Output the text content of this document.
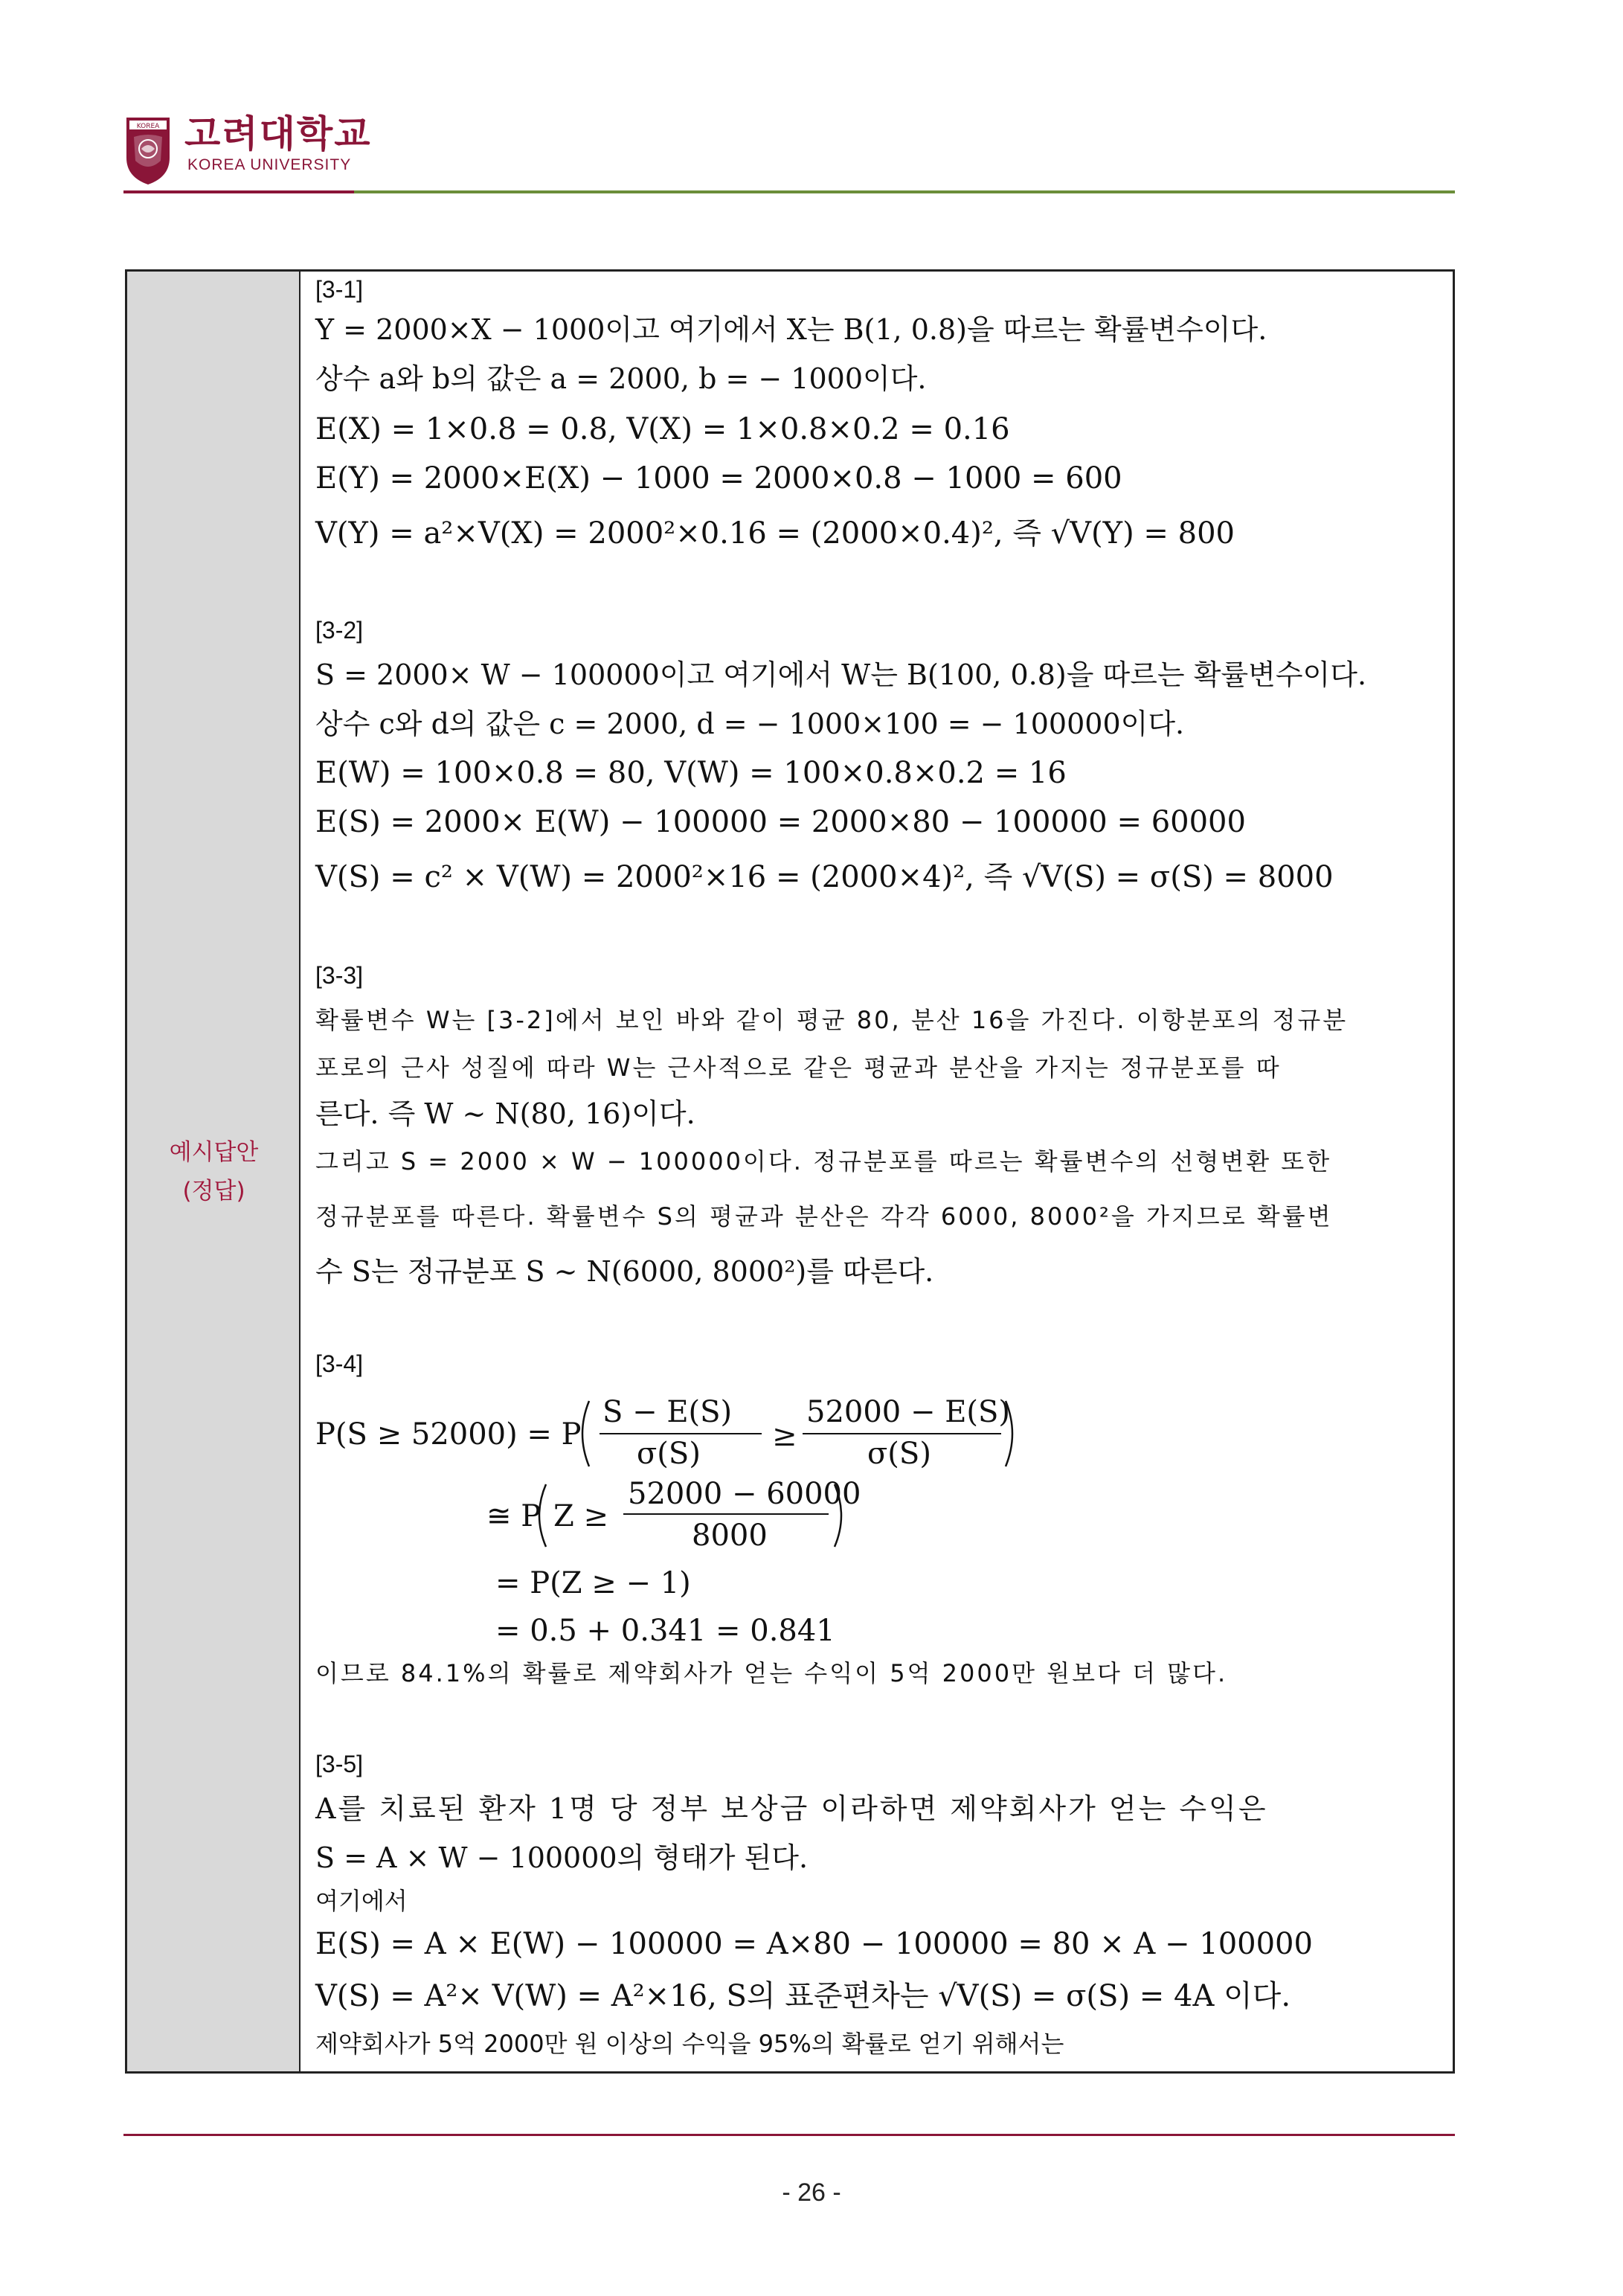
KOREA 고려대학교
KOREA UNIVERSITY
예시답안
(정답)
[3-1]
Y = 2000×X − 1000이고 여기에서 X는 B(1, 0.8)을 따르는 확률변수이다.
상수 a와 b의 값은 a = 2000, b = − 1000이다.
E(X) = 1×0.8 = 0.8, V(X) = 1×0.8×0.2 = 0.16
E(Y) = 2000×E(X) − 1000 = 2000×0.8 − 1000 = 600
V(Y) = a²×V(X) = 2000²×0.16 = (2000×0.4)², 즉 √V(Y) = 800
[3-2]
S = 2000× W − 100000이고 여기에서 W는 B(100, 0.8)을 따르는 확률변수이다.
상수 c와 d의 값은 c = 2000, d = − 1000×100 = − 100000이다.
E(W) = 100×0.8 = 80, V(W) = 100×0.8×0.2 = 16
E(S) = 2000× E(W) − 100000 = 2000×80 − 100000 = 60000
V(S) = c² × V(W) = 2000²×16 = (2000×4)², 즉 √V(S) = σ(S) = 8000
[3-3]
확률변수 W는 [3-2]에서 보인 바와 같이 평균 80, 분산 16을 가진다. 이항분포의 정규분
포로의 근사 성질에 따라 W는 근사적으로 같은 평균과 분산을 가지는 정규분포를 따
른다. 즉 W ~ N(80, 16)이다.
그리고 S = 2000 × W − 100000이다. 정규분포를 따르는 확률변수의 선형변환 또한
정규분포를 따른다. 확률변수 S의 평균과 분산은 각각 6000, 8000²을 가지므로 확률변
수 S는 정규분포 S ~ N(6000, 8000²)를 따른다.
[3-4]
P(S ≥ 52000) = P
S − E(S)
σ(S)
≥
52000 − E(S)
σ(S)
≅ P Z ≥
52000 − 60000
8000
= P(Z ≥ − 1)
= 0.5 + 0.341 = 0.841
이므로 84.1%의 확률로 제약회사가 얻는 수익이 5억 2000만 원보다 더 많다.
[3-5]
A를 치료된 환자 1명 당 정부 보상금 이라하면 제약회사가 얻는 수익은
S = A × W − 100000의 형태가 된다.
여기에서
E(S) = A × E(W) − 100000 = A×80 − 100000 = 80 × A − 100000
V(S) = A²× V(W) = A²×16, S의 표준편차는 √V(S) = σ(S) = 4A 이다.
제약회사가 5억 2000만 원 이상의 수익을 95%의 확률로 얻기 위해서는
- 26 -
